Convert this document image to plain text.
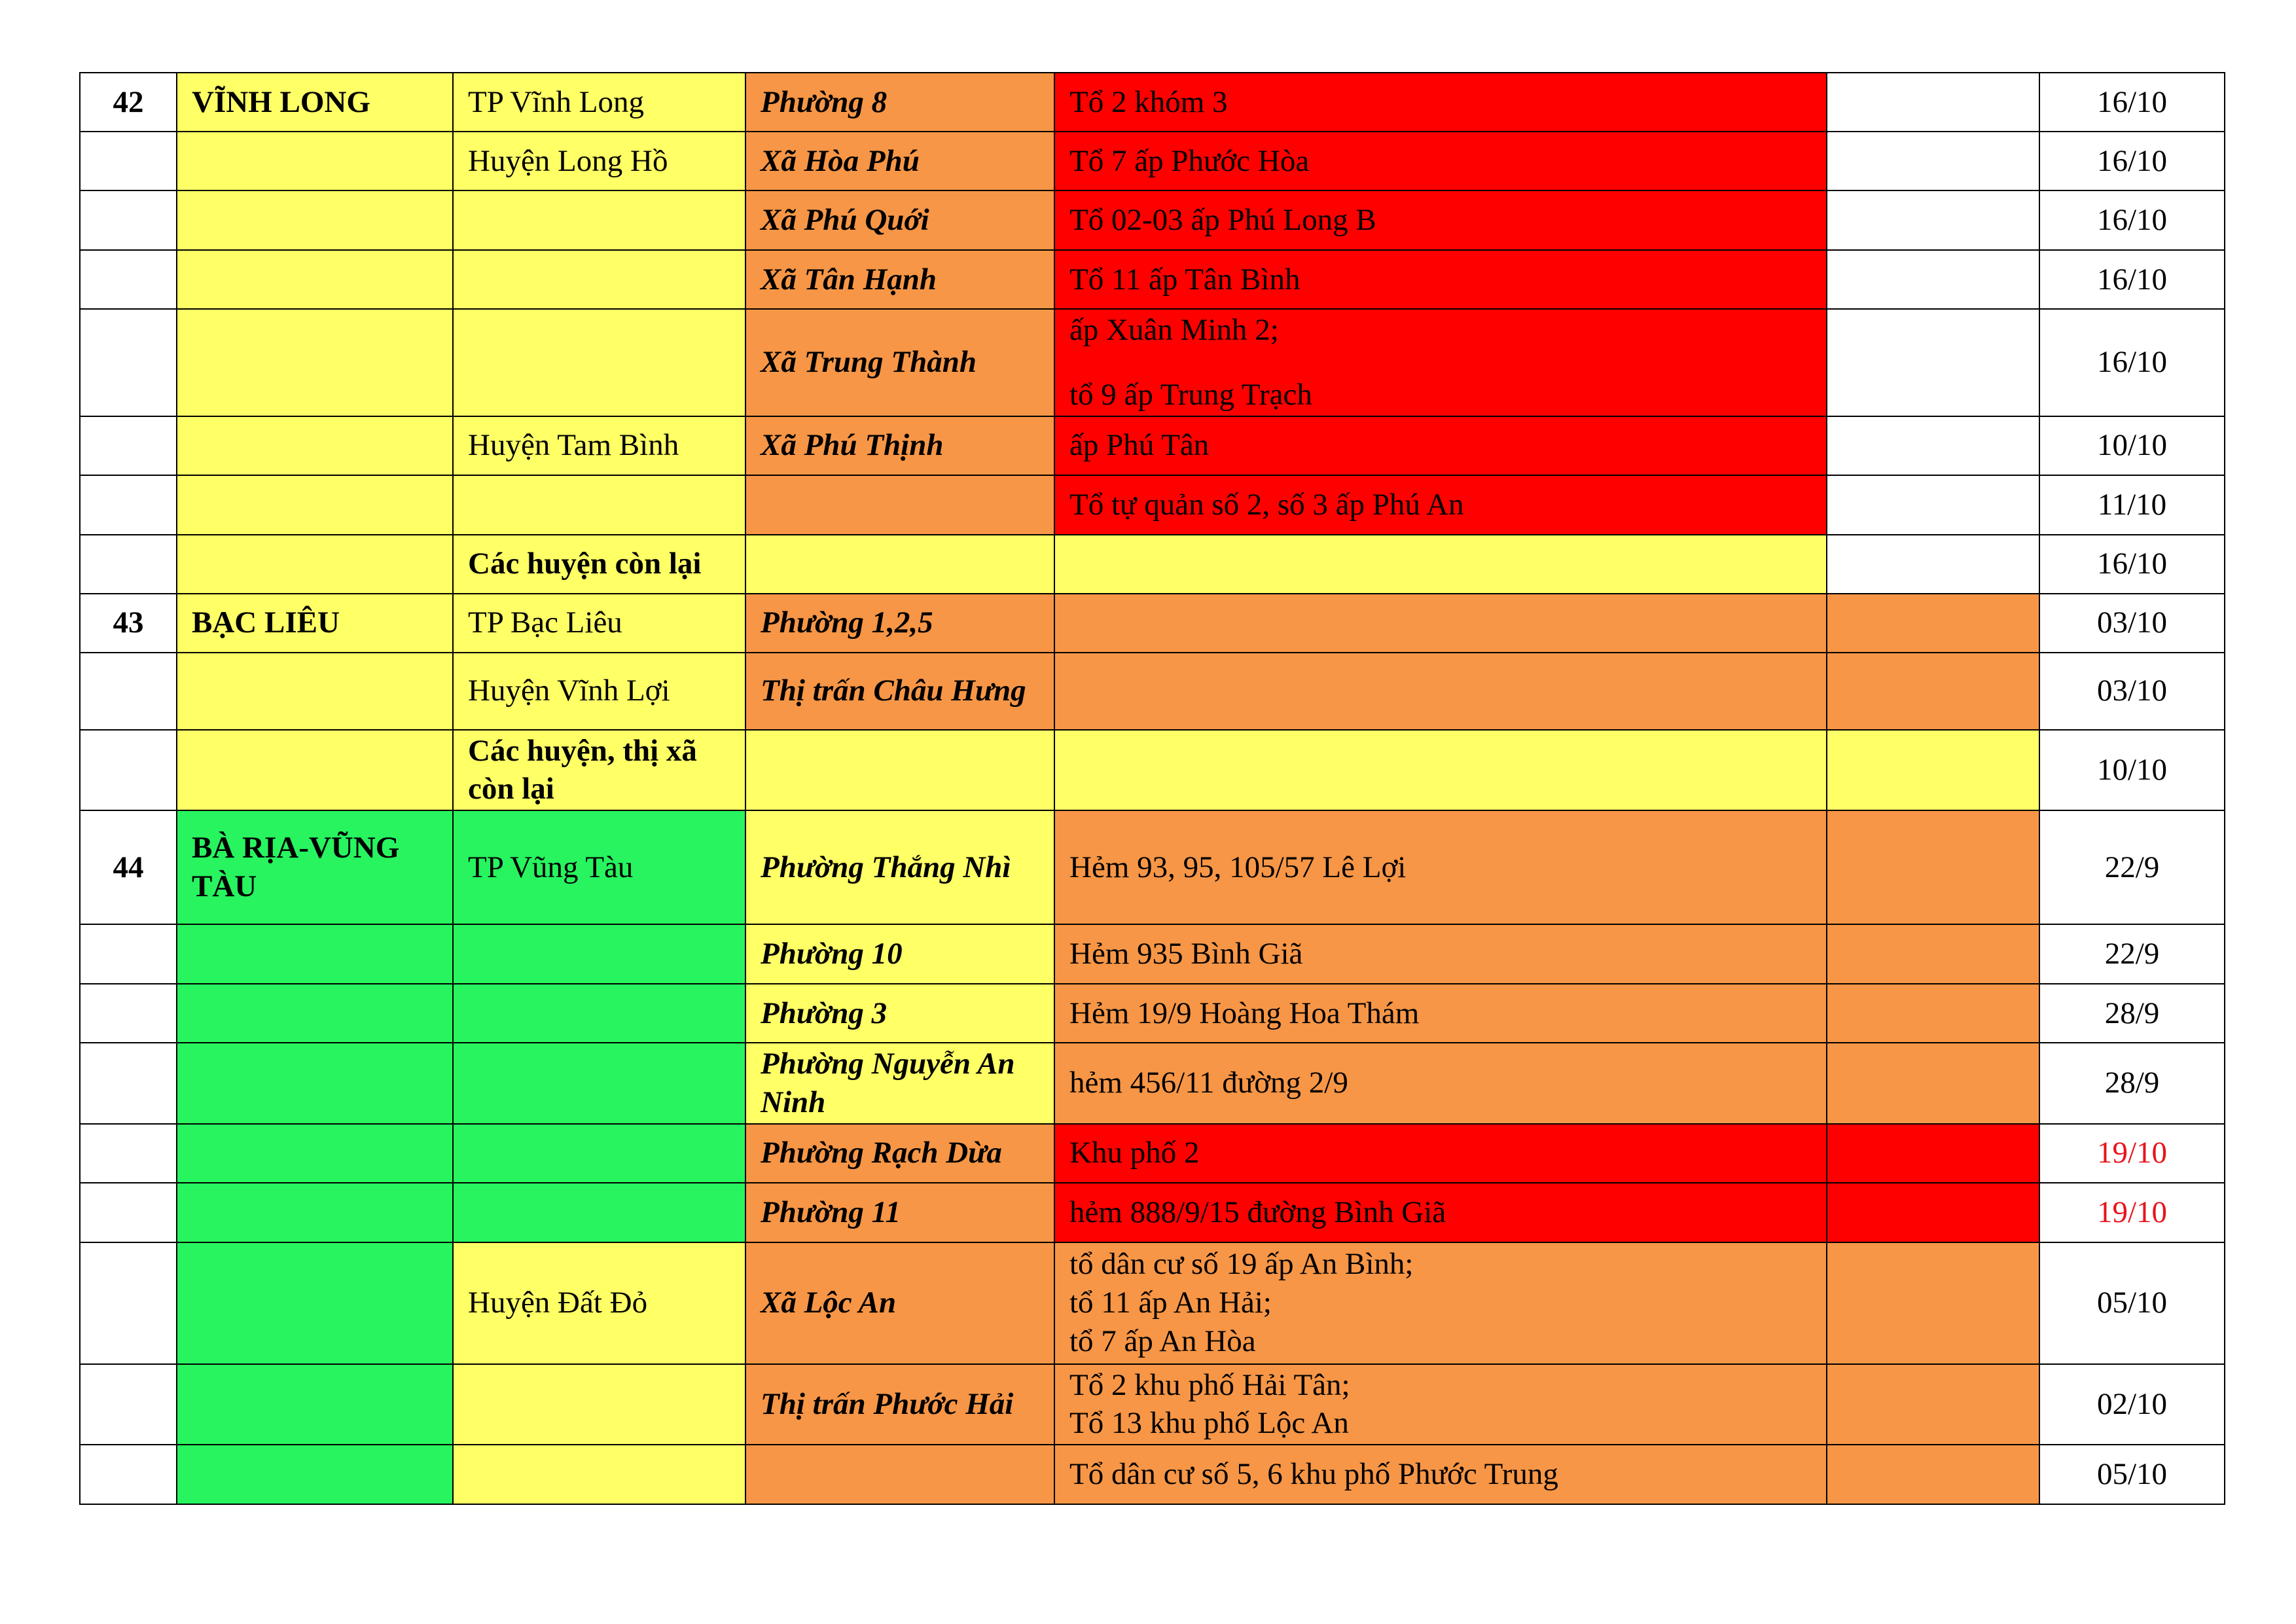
42	VĨNH LONG	TP Vĩnh Long	Phường 8	Tổ 2 khóm 3		16/10
		Huyện Long Hồ	Xã Hòa Phú	Tổ 7 ấp Phước Hòa		16/10
			Xã Phú Quới	Tổ 02-03 ấp Phú Long B		16/10
			Xã Tân Hạnh	Tổ 11 ấp Tân Bình		16/10
			Xã Trung Thành	ấp Xuân Minh 2;
tổ 9 ấp Trung Trạch		16/10
		Huyện Tam Bình	Xã Phú Thịnh	ấp Phú Tân		10/10

				Tổ tự quản số 2, số 3 ấp Phú An		11/10
		Các huyện còn lại				16/10
43	BẠC LIÊU	TP Bạc Liêu	Phường 1,2,5			03/10
		Huyện Vĩnh Lợi	Thị trấn Châu Hưng			03/10
		Các huyện, thị xã còn lại				10/10
44	BÀ RỊA-VŨNG TÀU	TP Vũng Tàu	Phường Thắng Nhì	Hẻm 93, 95, 105/57 Lê Lợi		22/9
			Phường 10	Hẻm 935 Bình Giã		22/9
			Phường 3	Hẻm 19/9 Hoàng Hoa Thám		28/9
			Phường Nguyễn An Ninh	hẻm 456/11 đường 2/9		28/9
			Phường Rạch Dừa	Khu phố 2		19/10
			Phường 11	hẻm 888/9/15 đường Bình Giã		19/10
		Huyện Đất Đỏ	Xã Lộc An	tổ dân cư số 19 ấp An Bình;
tổ 11 ấp An Hải;
tổ 7 ấp An Hòa		05/10
			Thị trấn Phước Hải	Tổ 2 khu phố Hải Tân;
Tổ 13 khu phố Lộc An		02/10

				Tổ dân cư số 5, 6 khu phố Phước Trung		05/10
